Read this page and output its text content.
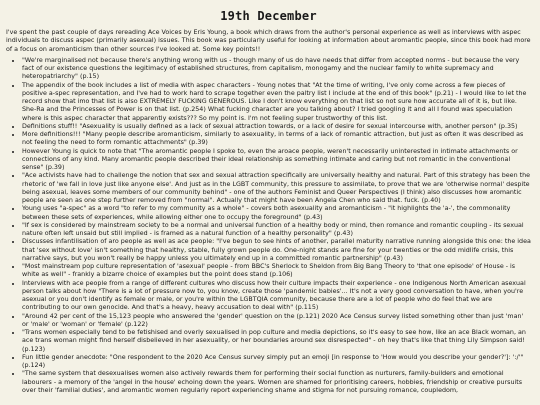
19th December

I've spent the past couple of days rereading Ace Voices by Eris Young, a book which draws from the author's personal experience as well as interviews with aspec individuals to discuss aspec (primarily asexual) issues. This book was particularly useful for looking at information about aromantic people, since this book had more of a focus on aromanticism than other sources I've looked at. Some key points!!

• "We're marginalised not because there's anything wrong with us - though many of us do have needs that differ from accepted norms - but because the very fact of our existence questions the legitimacy of established structures, from capitalism, monogamy and the nuclear family to white supremacy and heteropatriarchy" (p.15)
• The appendix of the book includes a list of media with aspec characters - Young notes that "At the time of writing, I've only come across a few pieces of positive a-spec representation, and I've had to work hard to scrape together even the paltry list I include at the end of this book" (p.21) - I would like to let the record show that imo that list is also EXTREMELY FUCKING GENEROUS. Like I don't know everything on that list so not sure how accurate all of it is, but like. She-Ra and the Princesses of Power is on that list. (p.254) What fucking character are you talking about? I tried googling it and all I found was speculation where is this aspec character that apparently exists??? So my point is. I'm not feeling super trustworthy of this list.
• Definitions stuff!! "Asexuality is usually defined as a lack of sexual attraction towards, or a lack of desire for sexual intercourse with, another person" (p.35)
• More definitions!!! "Many people describe aromanticism, similarly to asexuality, in terms of a lack of romantic attraction, but just as often it was described as not feeling the need to form romantic attachments" (p.39)
• However Young is quick to note that "The aromantic people I spoke to, even the aroace people, weren't necessarily uninterested in intimate attachments or connections of any kind. Many aromantic people described their ideal relationship as something intimate and caring but not romantic in the conventional sense" (p.39)
• "Ace activists have had to challenge the notion that sex and sexual attraction specifically are universally healthy and natural. Part of this strategy has been the rhetoric of 'we fall in love just like anyone else'. And just as in the LGBT community, this pressure to assimilate, to prove that we are 'otherwise normal' despite being asexual, leaves some members of our community behind" - one of the authors Feminist and Queer Perspectives (I think) also discusses how aromantic people are seen as one step further removed from "normal". Actually that might have been Angela Chen who said that. fuck. (p.40)
• Young uses "a-spec" as a word "to refer to my community as a whole" - covers both asexuality and aromanticism - "it highlights the 'a-', the commonality between these sets of experiences, while allowing either one to occupy the foreground" (p.43)
• "If sex is considered by mainstream society to be a normal and universal function of a healthy body or mind, then romance and romantic coupling - its sexual nature often left unsaid but still implied - is framed as a natural function of a healthy personality" (p.43)
• Discusses infantilisation of aro people as well as ace people: "I've begun to see hints of another, parallel maturity narrative running alongside this one: the idea that 'sex without love' isn't something that healthy, stable, fully grown people do. One-night stands are fine for your twenties or the odd midlife crisis, this narrative says, but you won't really be happy unless you ultimately end up in a committed romantic partnership" (p.43)
• "Most mainstream pop culture representation of 'asexual' people - from BBC's Sherlock to Sheldon from Big Bang Theory to 'that one episode' of House - is white as well" - frankly a bizarre choice of examples but the point does stand (p.106)
• Interviews with ace people from a range of different cultures who discuss how their culture impacts their experience - one Indigenous North American asexual person talks about how "There is a lot of pressure now to, you know, create those 'pandemic babies'... It's not a very good conversation to have, when you're asexual or you don't identify as female or male, or you're within the LGBTQIA community, because there are a lot of people who do feel that we are contributing to our own genocide. And that's a heavy, heavy accusation to deal with" (p.115)
• "Around 42 per cent of the 15,123 people who answered the 'gender' question on the (p.121) 2020 Ace Census survey listed something other than just 'man' or 'male' or 'woman' or 'female' (p.122)
• "Trans women especially tend to be fetishised and overly sexualised in pop culture and media depictions, so it's easy to see how, like an ace Black woman, an ace trans woman might find herself disbelieved in her asexuality, or her boundaries around sex disrespected" - oh hey that's like that thing Lily Simpson said! (p.123)
• Fun little gender anecdote: "One respondent to the 2020 Ace Census survey simply put an emoji [in response to 'How would you describe your gender?']: ':/'" (p.124)
• "The same system that desexualises women also actively rewards them for performing their social function as nurturers, family-builders and emotional labourers - a memory of the 'angel in the house' echoing down the years. Women are shamed for prioritising careers, hobbies, friendship or creative pursuits over their 'familial duties', and aromantic women regularly report experiencing shame and stigma for not pursuing romance, coupledom,
